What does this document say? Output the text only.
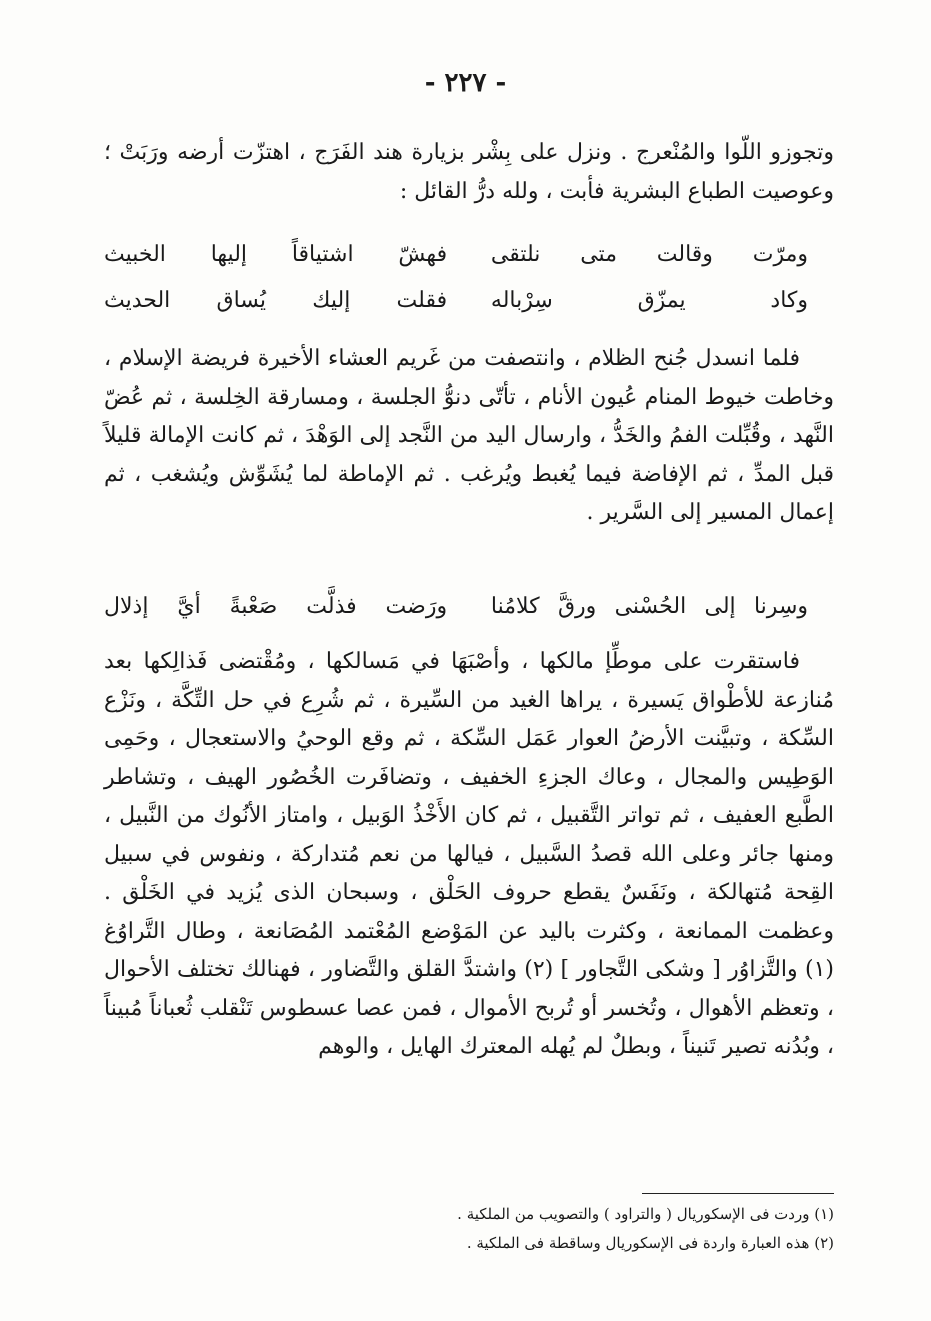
- ٢٢٧ -

وتجوزو اللّوا والمُنْعرج . ونزل على بِشْر بزيارة هند الفَرَج ، اهتزّت أرضه ورَبَتْ ؛ وعوصيت الطباع البشرية فأبت ، ولله درُّ القائل :

ومرّت وقالت متى نلتقى
فهشّ اشتياقاً إليها الخبيث
وكاد يمزّق سِرْباله
فقلت إليك يُساق الحديث

فلما انسدل جُنح الظلام ، وانتصفت من غَريم العشاء الأخيرة فريضة الإسلام ، وخاطت خيوط المنام عُيون الأنام ، تأتّى دنوُّ الجلسة ، ومسارقة الخِلسة ، ثم عُضّ النَّهد ، وقُبِّلت الفمُ والخَدُّ ، وارسال اليد من النَّجد إلى الوَهْدَ ، ثم كانت الإمالة قليلاً قبل المدِّ ، ثم الإفاضة فيما يُغبط ويُرغب . ثم الإماطة لما يُشَوِّش ويُشغب ، ثم إعمال المسير إلى السَّرير .

وسِرنا إلى الحُسْنى ورقَّ كلامُنا
ورَضت فذلَّت صَعْبةً أيَّ إذلال

فاستقرت على موطِّإ مالكها ، وأصْبَهَا في مَسالكها ، ومُقْتضى فَذالِكها بعد مُنازعة للأطْواق يَسيرة ، يراها الغيد من السِّيرة ، ثم شُرِع في حل التِّكَّة ، ونَزْع السِّكة ، وتبيَّنت الأرضُ العوار عَمَل السِّكة ، ثم وقع الوحيُ والاستعجال ، وحَمِى الوَطِيس والمجال ، وعاك الجزءِ الخفيف ، وتضافَرت الخُصُور الهيف ، وتشاطر الطَّبع العفيف ، ثم تواتر التَّقبيل ، ثم كان الأَخْذُ الوَبيل ، وامتاز الأنُوك من النَّبيل ، ومنها جائر وعلى الله قصدُ السَّبيل ، فيالها من نعم مُتداركة ، ونفوس في سبيل القِحة مُتهالكة ، ونَفَسٌ يقطع حروف الحَلْق ، وسبحان الذى يُزيد في الخَلْق . وعظمت الممانعة ، وكثرت باليد عن المَوْضع المُعْتمد المُصَانعة ، وطال التَّراوُغ (١) والتَّزاوُر [ وشكى التَّجاور ] (٢) واشتدَّ القلق والتَّضاور ، فهنالك تختلف الأحوال ، وتعظم الأهوال ، وتُخسر أو تُربح الأموال ، فمن عصا عسطوس تَنْقلب ثُعباناً مُبيناً ، وبُدُنه تصير تَنيناً ، وبطلٌ لم يُهله المعترك الهايل ، والوهم

(١) وردت فى الإسكوريال ( والتراود ) والتصويب من الملكية .

(٢) هذه العبارة واردة فى الإسكوريال وساقطة فى الملكية .
